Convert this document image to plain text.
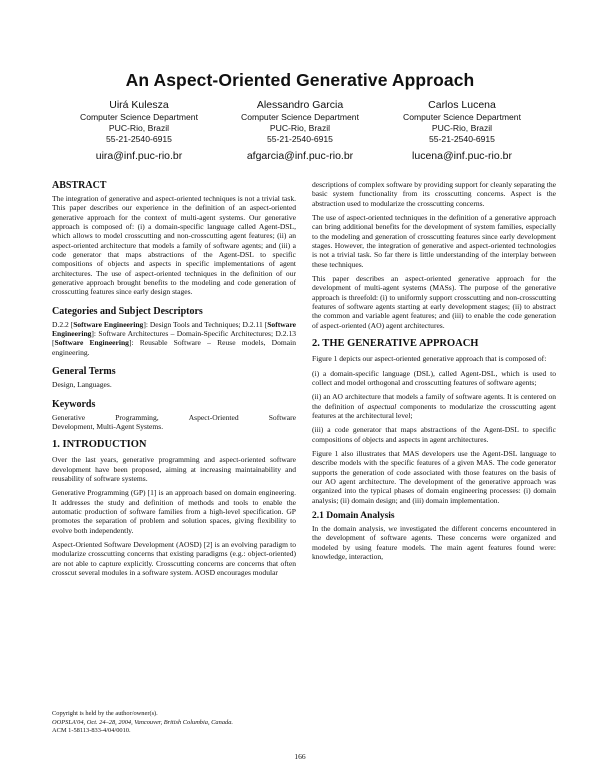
An Aspect-Oriented Generative Approach
Uirá Kulesza
Computer Science Department
PUC-Rio, Brazil
55-21-2540-6915
uira@inf.puc-rio.br
Alessandro Garcia
Computer Science Department
PUC-Rio, Brazil
55-21-2540-6915
afgarcia@inf.puc-rio.br
Carlos Lucena
Computer Science Department
PUC-Rio, Brazil
55-21-2540-6915
lucena@inf.puc-rio.br
ABSTRACT

The integration of generative and aspect-oriented techniques is not a trivial task. This paper describes our experience in the definition of an aspect-oriented generative approach for the context of multi-agent systems. Our generative approach is composed of: (i) a domain-specific language called Agent-DSL, which allows to model crosscutting and non-crosscutting agent features; (ii) an aspect-oriented architecture that models a family of software agents; and (iii) a code generator that maps abstractions of the Agent-DSL to specific compositions of objects and aspects in specific implementations of agent architectures. The use of aspect-oriented techniques in the definition of our generative approach brought benefits to the modeling and code generation of crosscutting features since early design stages.

Categories and Subject Descriptors

D.2.2 [Software Engineering]: Design Tools and Techniques; D.2.11 [Software Engineering]: Software Architectures – Domain-Specific Architectures; D.2.13 [Software Engineering]: Reusable Software – Reuse models, Domain engineering.

General Terms

Design, Languages.

Keywords
Generative	Programming,	Aspect-Oriented	Software

Development, Multi-Agent Systems.

1. INTRODUCTION

Over the last years, generative programming and aspect-oriented software development have been proposed, aiming at increasing maintainability and reusability of software systems.

Generative Programming (GP) [1] is an approach based on domain engineering. It addresses the study and definition of methods and tools to enable the automatic production of software families from a high-level specification. GP promotes the separation of problem and solution spaces, giving flexibility to evolve both independently.

Aspect-Oriented Software Development (AOSD) [2] is an evolving paradigm to modularize crosscutting concerns that existing paradigms (e.g.: object-oriented) are not able to capture explicitly. Crosscutting concerns are concerns that often crosscut several modules in a software system. AOSD encourages modular

Copyright is held by the author/owner(s).
OOPSLA'04, Oct. 24–28, 2004, Vancouver, British Columbia, Canada.
ACM 1-58113-833-4/04/0010.

descriptions of complex software by providing support for cleanly separating the basic system functionality from its crosscutting concerns. Aspect is the abstraction used to modularize the crosscutting concerns.

The use of aspect-oriented techniques in the definition of a generative approach can bring additional benefits for the development of system families, especially to the modeling and generation of crosscutting features since early development stages. However, the integration of generative and aspect-oriented technologies is not a trivial task. So far there is little understanding of the interplay between these techniques.

This paper describes an aspect-oriented generative approach for the development of multi-agent systems (MASs). The purpose of the generative approach is threefold: (i) to uniformly support crosscutting and non-crosscutting features of software agents starting at early development stages; (ii) to abstract the common and variable agent features; and (iii) to enable the code generation of aspect-oriented (AO) agent architectures.

2. THE GENERATIVE APPROACH

Figure 1 depicts our aspect-oriented generative approach that is composed of:

(i) a domain-specific language (DSL), called Agent-DSL, which is used to collect and model orthogonal and crosscutting features of software agents;

(ii) an AO architecture that models a family of software agents. It is centered on the definition of aspectual components to modularize the crosscutting agent features at the architectural level;

(iii) a code generator that maps abstractions of the Agent-DSL to specific compositions of objects and aspects in agent architectures.

Figure 1 also illustrates that MAS developers use the Agent-DSL language to describe models with the specific features of a given MAS. The code generator supports the generation of code associated with those features on the basis of our AO agent architecture. The development of the generative approach was organized into the typical phases of domain engineering processes: (i) domain analysis; (ii) domain design; and (iii) domain implementation.

2.1 Domain Analysis

In the domain analysis, we investigated the different concerns encountered in the development of software agents. These concerns were organized and modeled by using feature models. The main agent features found were: knowledge, interaction,

166
